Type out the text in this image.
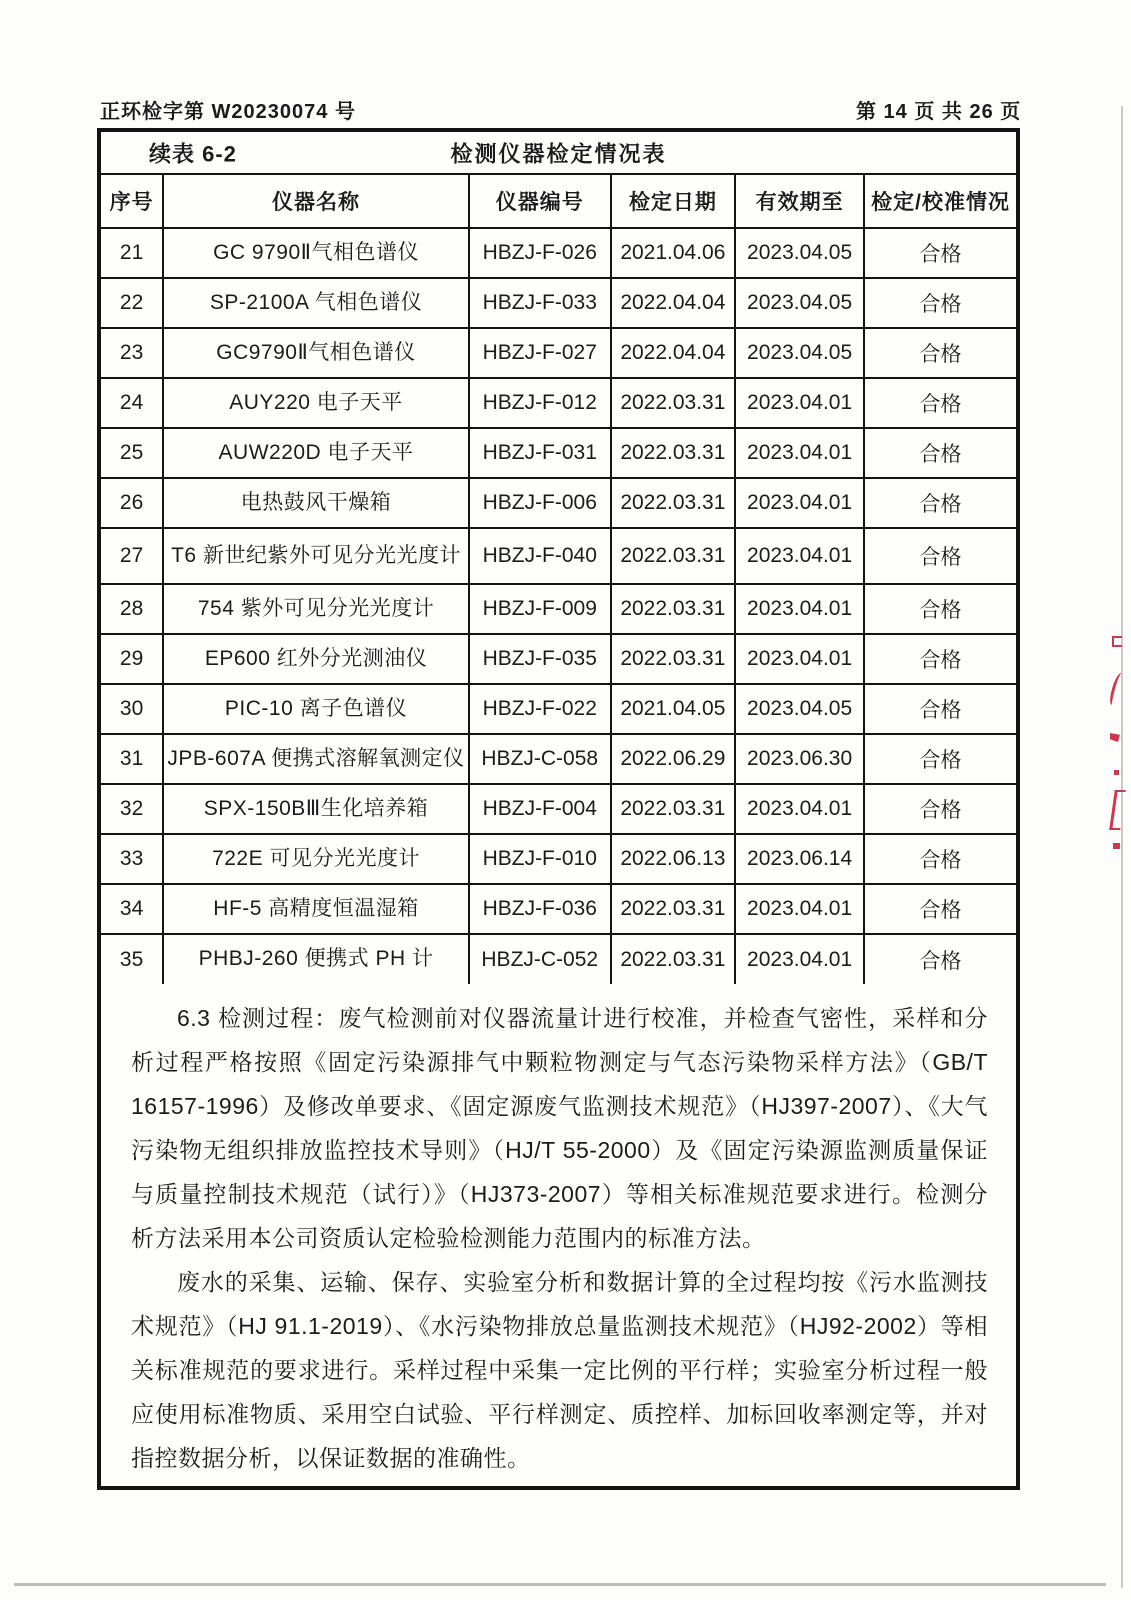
正环检字第 W20230074 号	第 14 页 共 26 页
续表 6-2	检测仪器检定情况表
序号	仪器名称	仪器编号	检定日期	有效期至	检定/校准情况
21	GC 9790Ⅱ气相色谱仪	HBZJ-F-026	2021.04.06	2023.04.05	合格
22	SP-2100A 气相色谱仪	HBZJ-F-033	2022.04.04	2023.04.05	合格
23	GC9790Ⅱ气相色谱仪	HBZJ-F-027	2022.04.04	2023.04.05	合格
24	AUY220 电子天平	HBZJ-F-012	2022.03.31	2023.04.01	合格
25	AUW220D 电子天平	HBZJ-F-031	2022.03.31	2023.04.01	合格
26	电热鼓风干燥箱	HBZJ-F-006	2022.03.31	2023.04.01	合格
27	T6 新世纪紫外可见分光光度计	HBZJ-F-040	2022.03.31	2023.04.01	合格
28	754 紫外可见分光光度计	HBZJ-F-009	2022.03.31	2023.04.01	合格
29	EP600 红外分光测油仪	HBZJ-F-035	2022.03.31	2023.04.01	合格
30	PIC-10 离子色谱仪	HBZJ-F-022	2021.04.05	2023.04.05	合格
31	JPB-607A 便携式溶解氧测定仪	HBZJ-C-058	2022.06.29	2023.06.30	合格
32	SPX-150BⅢ生化培养箱	HBZJ-F-004	2022.03.31	2023.04.01	合格
33	722E 可见分光光度计	HBZJ-F-010	2022.06.13	2023.06.14	合格
34	HF-5 高精度恒温湿箱	HBZJ-F-036	2022.03.31	2023.04.01	合格
35	PHBJ-260 便携式 PH 计	HBZJ-C-052	2022.03.31	2023.04.01	合格

6.3 检测过程：废气检测前对仪器流量计进行校准，并检查气密性，采样和分析过程严格按照《固定污染源排气中颗粒物测定与气态污染物采样方法》（GB/T 16157-1996）及修改单要求、《固定源废气监测技术规范》（HJ397-2007）、《大气污染物无组织排放监控技术导则》（HJ/T 55-2000）及《固定污染源监测质量保证与质量控制技术规范（试行）》（HJ373-2007）等相关标准规范要求进行。检测分析方法采用本公司资质认定检验检测能力范围内的标准方法。

废水的采集、运输、保存、实验室分析和数据计算的全过程均按《污水监测技术规范》（HJ 91.1-2019）、《水污染物排放总量监测技术规范》（HJ92-2002）等相关标准规范的要求进行。采样过程中采集一定比例的平行样；实验室分析过程一般应使用标准物质、采用空白试验、平行样测定、质控样、加标回收率测定等，并对指控数据分析，以保证数据的准确性。
